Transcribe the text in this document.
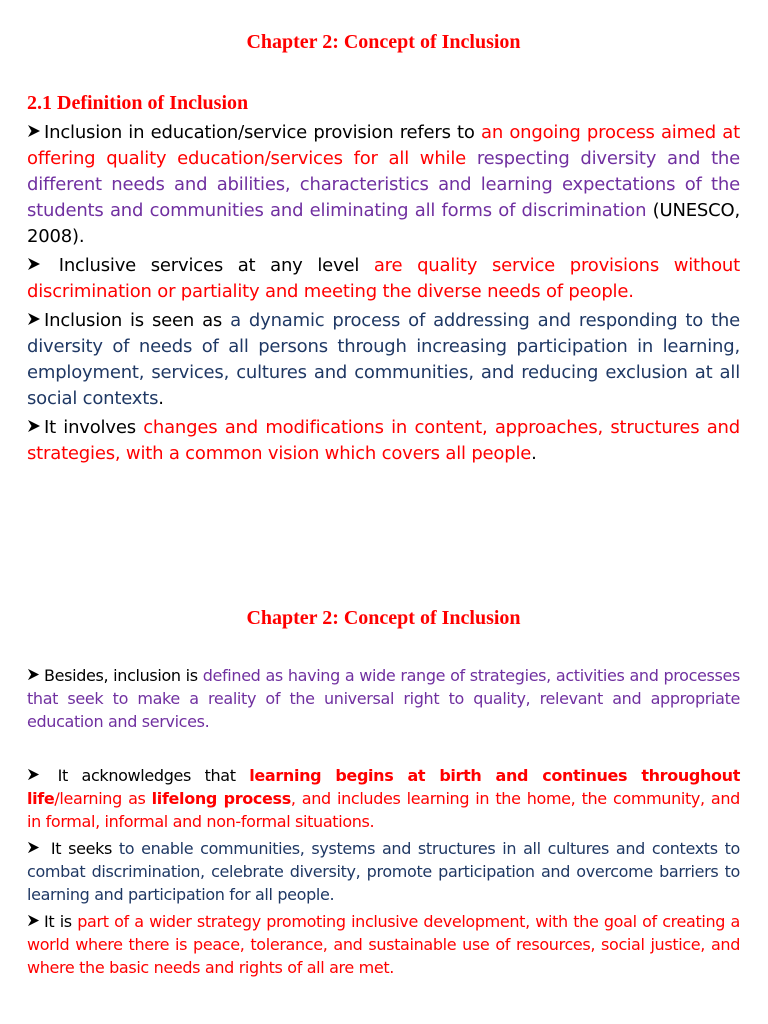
Chapter 2: Concept of Inclusion
2.1 Definition of Inclusion

Inclusion in education/service provision refers to an ongoing process aimed at offering quality education/services for all while respecting diversity and the different needs and abilities, characteristics and learning expectations of the students and communities and eliminating all forms of discrimination (UNESCO, 2008).

Inclusive services at any level are quality service provisions without discrimination or partiality and meeting the diverse needs of people.

Inclusion is seen as a dynamic process of addressing and responding to the diversity of needs of all persons through increasing participation in learning, employment, services, cultures and communities, and reducing exclusion at all social contexts.

It involves changes and modifications in content, approaches, structures and strategies, with a common vision which covers all people.

Chapter 2: Concept of Inclusion

Besides, inclusion is defined as having a wide range of strategies, activities and processes that seek to make a reality of the universal right to quality, relevant and appropriate education and services.

It acknowledges that learning begins at birth and continues throughout life/learning as lifelong process, and includes learning in the home, the community, and in formal, informal and non-formal situations.

It seeks to enable communities, systems and structures in all cultures and contexts to combat discrimination, celebrate diversity, promote participation and overcome barriers to learning and participation for all people.

It is part of a wider strategy promoting inclusive development, with the goal of creating a world where there is peace, tolerance, and sustainable use of resources, social justice, and where the basic needs and rights of all are met.
